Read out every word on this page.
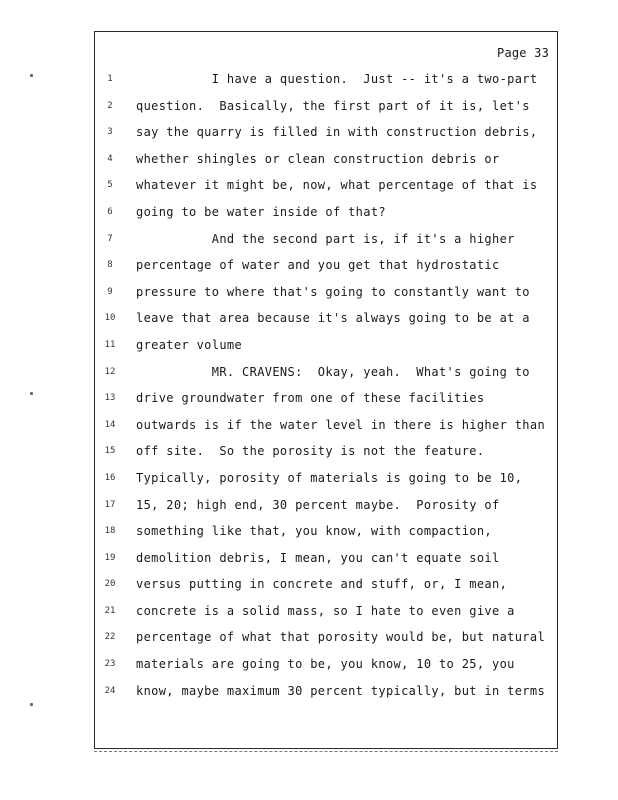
Page 33
1	I have a question.  Just -- it's a two-part
2	question.  Basically, the first part of it is, let's
3	say the quarry is filled in with construction debris,
4	whether shingles or clean construction debris or
5	whatever it might be, now, what percentage of that is
6	going to be water inside of that?
7	And the second part is, if it's a higher
8	percentage of water and you get that hydrostatic
9	pressure to where that's going to constantly want to
10 leave that area because it's always going to be at a
11 greater volume
12 MR. CRAVENS:  Okay, yeah.  What's going to
13 drive groundwater from one of these facilities
14 outwards is if the water level in there is higher than
15 off site.  So the porosity is not the feature.
16 Typically, porosity of materials is going to be 10,
17 15, 20; high end, 30 percent maybe.  Porosity of
18 something like that, you know, with compaction,
19 demolition debris, I mean, you can't equate soil
20 versus putting in concrete and stuff, or, I mean,
21 concrete is a solid mass, so I hate to even give a
22 percentage of what that porosity would be, but natural
23 materials are going to be, you know, 10 to 25, you
24 know, maybe maximum 30 percent typically, but in terms
